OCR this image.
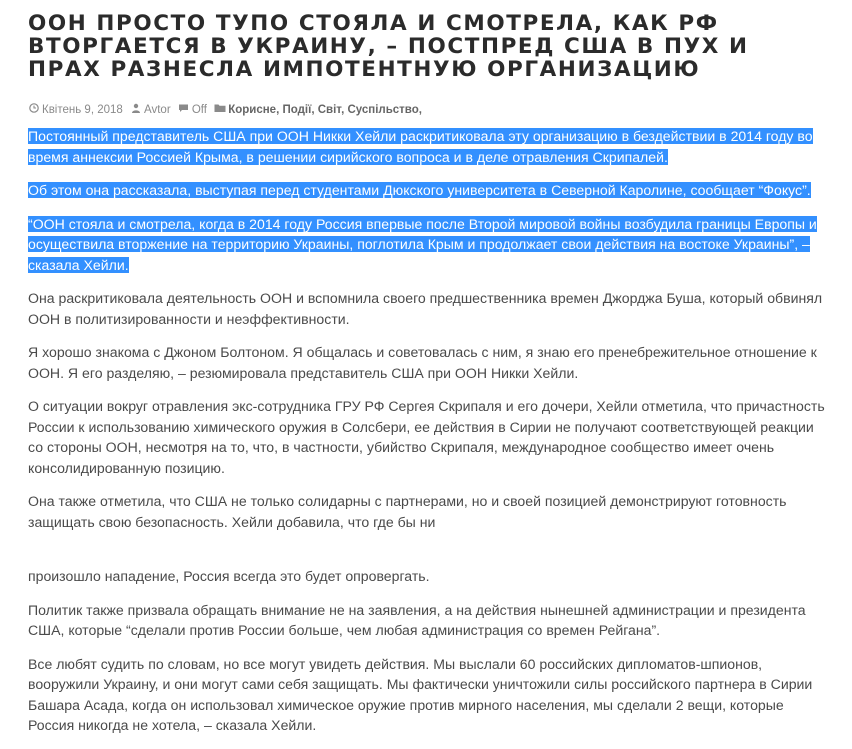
ООН ПРОСТО ТУПО СТОЯЛА И СМОТРЕЛА, КАК РФ ВТОРГАЕТСЯ В УКРАИНУ, – ПОСТПРЕД США В ПУХ И ПРАХ РАЗНЕСЛА ИМПОТЕНТНУЮ ОРГАНИЗАЦИЮ
Квітень 9, 2018 Avtor Off Корисне, Події, Світ, Суспільство,

Постоянный представитель США при ООН Никки Хейли раскритиковала эту организацию в бездействии в 2014 году во время аннексии Россией Крыма, в решении сирийского вопроса и в деле отравления Скрипалей.

Об этом она рассказала, выступая перед студентами Дюкского университета в Северной Каролине, сообщает “Фокус”.

“ООН стояла и смотрела, когда в 2014 году Россия впервые после Второй мировой войны возбудила границы Европы и осуществила вторжение на территорию Украины, поглотила Крым и продолжает свои действия на востоке Украины”, – сказала Хейли.

Она раскритиковала деятельность ООН и вспомнила своего предшественника времен Джорджа Буша, который обвинял ООН в политизированности и неэффективности.

Я хорошо знакома с Джоном Болтоном. Я общалась и советовалась с ним, я знаю его пренебрежительное отношение к ООН. Я его разделяю, – резюмировала представитель США при ООН Никки Хейли.

О ситуации вокруг отравления экс-сотрудника ГРУ РФ Сергея Скрипаля и его дочери, Хейли отметила, что причастность России к использованию химического оружия в Солсбери, ее действия в Сирии не получают соответствующей реакции со стороны ООН, несмотря на то, что, в частности, убийство Скрипаля, международное сообщество имеет очень консолидированную позицию.

Она также отметила, что США не только солидарны с партнерами, но и своей позицией демонстрируют готовность защищать свою безопасность. Хейли добавила, что где бы ни

произошло нападение, Россия всегда это будет опровергать.

Политик также призвала обращать внимание не на заявления, а на действия нынешней администрации и президента США, которые “сделали против России больше, чем любая администрация со времен Рейгана”.

Все любят судить по словам, но все могут увидеть действия. Мы выслали 60 российских дипломатов-шпионов, вооружили Украину, и они могут сами себя защищать. Мы фактически уничтожили силы российского партнера в Сирии Башара Асада, когда он использовал химическое оружие против мирного населения, мы сделали 2 вещи, которые Россия никогда не хотела, – сказала Хейли.
